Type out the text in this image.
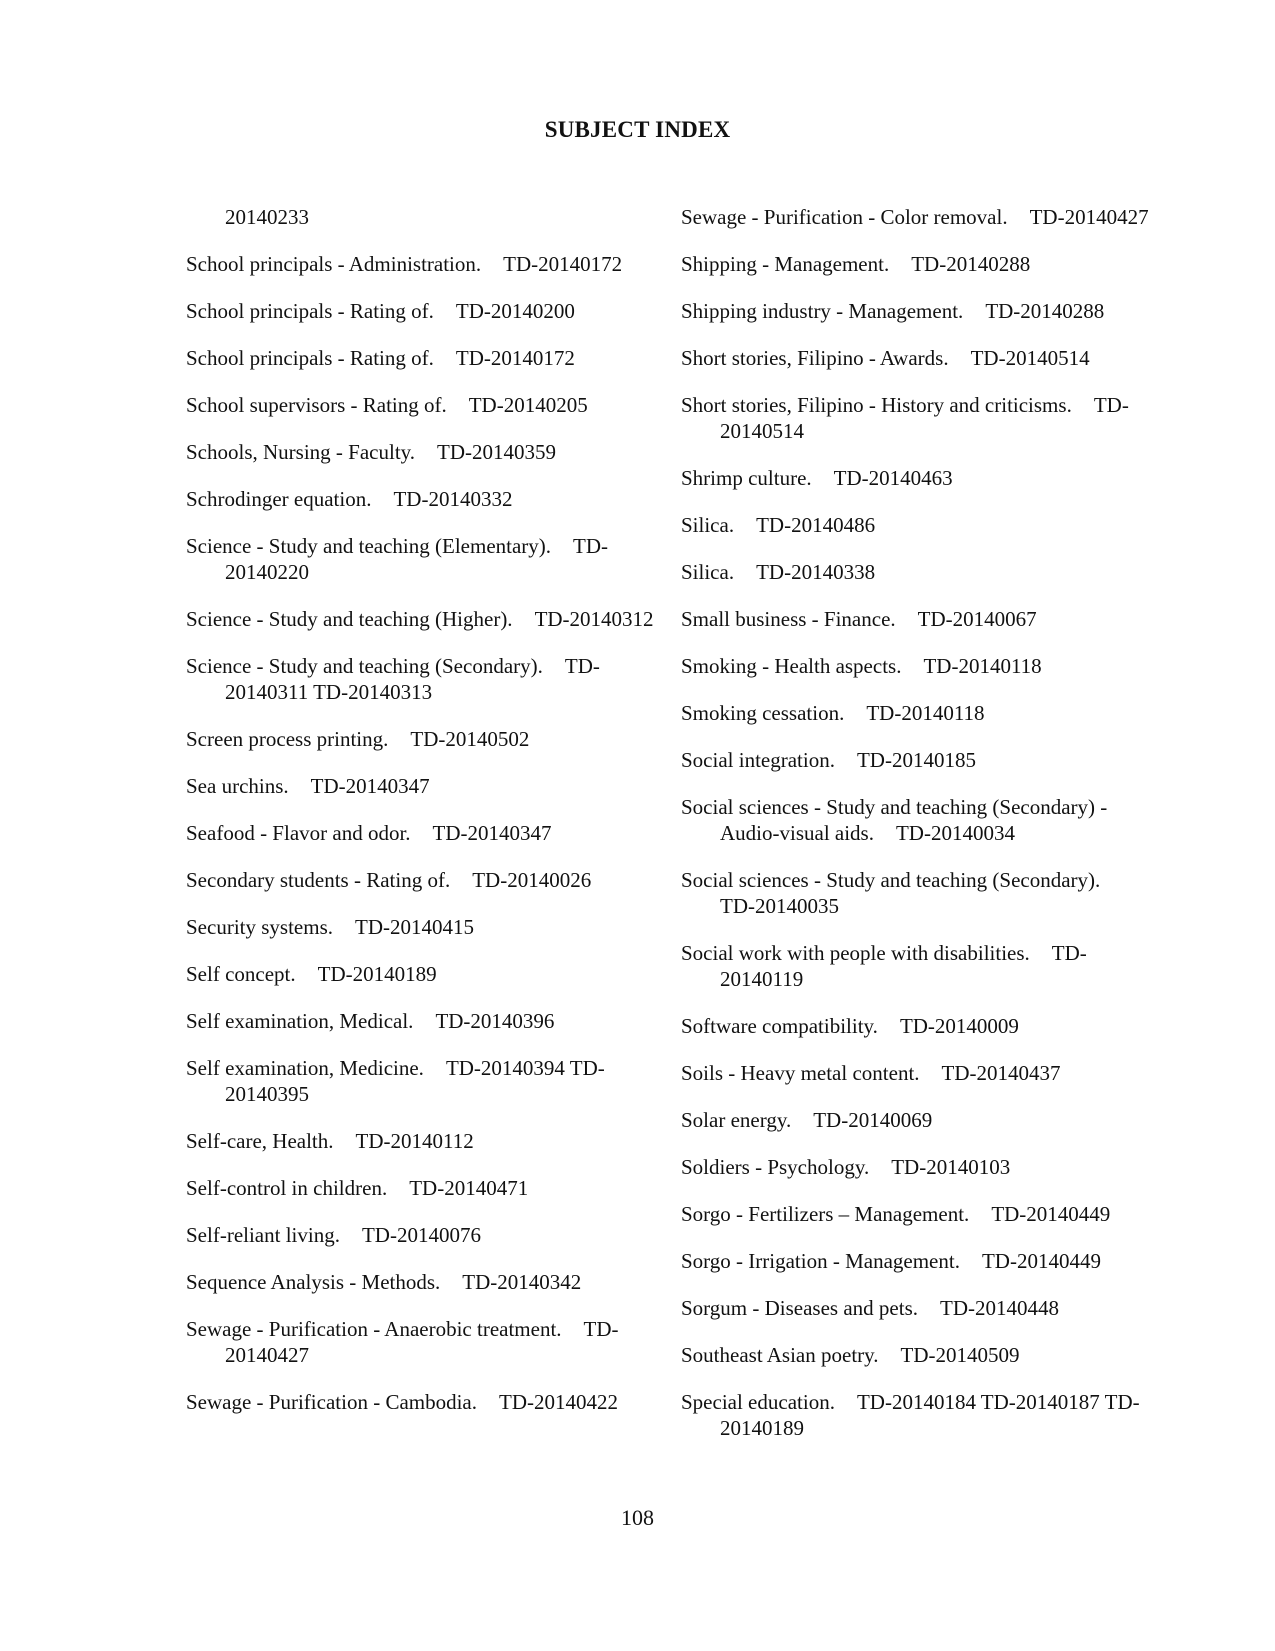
SUBJECT INDEX
20140233
School principals - Administration. TD-20140172
School principals - Rating of. TD-20140200
School principals - Rating of. TD-20140172
School supervisors - Rating of. TD-20140205
Schools, Nursing - Faculty. TD-20140359
Schrodinger equation. TD-20140332
Science - Study and teaching (Elementary). TD-20140220
Science - Study and teaching (Higher). TD-20140312
Science - Study and teaching (Secondary). TD-20140311 TD-20140313
Screen process printing. TD-20140502
Sea urchins. TD-20140347
Seafood - Flavor and odor. TD-20140347
Secondary students - Rating of. TD-20140026
Security systems. TD-20140415
Self concept. TD-20140189
Self examination, Medical. TD-20140396
Self examination, Medicine. TD-20140394 TD-20140395
Self-care, Health. TD-20140112
Self-control in children. TD-20140471
Self-reliant living. TD-20140076
Sequence Analysis - Methods. TD-20140342
Sewage - Purification - Anaerobic treatment. TD-20140427
Sewage - Purification - Cambodia. TD-20140422
Sewage - Purification - Color removal. TD-20140427
Shipping - Management. TD-20140288
Shipping industry - Management. TD-20140288
Short stories, Filipino - Awards. TD-20140514
Short stories, Filipino - History and criticisms. TD-20140514
Shrimp culture. TD-20140463
Silica. TD-20140486
Silica. TD-20140338
Small business - Finance. TD-20140067
Smoking - Health aspects. TD-20140118
Smoking cessation. TD-20140118
Social integration. TD-20140185
Social sciences - Study and teaching (Secondary) - Audio-visual aids. TD-20140034
Social sciences - Study and teaching (Secondary).TD-20140035
Social work with people with disabilities. TD-20140119
Software compatibility. TD-20140009
Soils - Heavy metal content. TD-20140437
Solar energy. TD-20140069
Soldiers - Psychology. TD-20140103
Sorgo - Fertilizers – Management. TD-20140449
Sorgo - Irrigation - Management. TD-20140449
Sorgum - Diseases and pets. TD-20140448
Southeast Asian poetry. TD-20140509
Special education. TD-20140184 TD-20140187 TD-20140189
108
